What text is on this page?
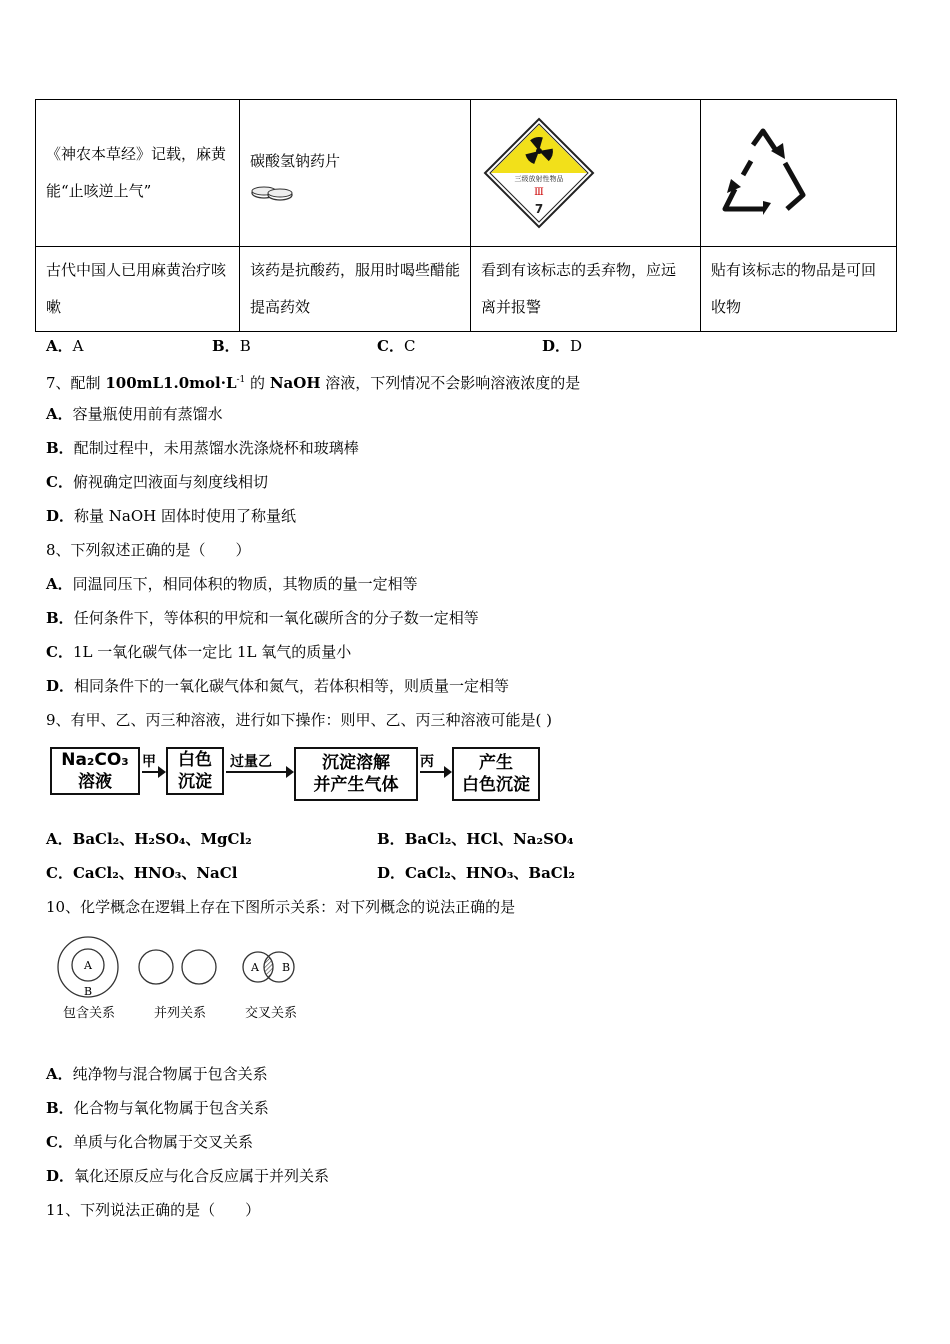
《神农本草经》记载，麻黄能“止咳逆上气”	碳酸氢钠药片	三级放射性物品
Ⅲ
7

古代中国人已用麻黄治疗咳嗽	该药是抗酸药，服用时喝些醋能提高药效	看到有该标志的丢弃物，应远离并报警	贴有该标志的物品是可回收物
A．A	B．B	C．C	D．D
7、配制 $100mL1.0mol\cdot L^{-1}$ 的 NaOH 溶液，下列情况不会影响溶液浓度的是
A．容量瓶使用前有蒸馏水
B．配制过程中，未用蒸馏水洗涤烧杯和玻璃棒
C．俯视确定凹液面与刻度线相切
D．称量 NaOH 固体时使用了称量纸
8、下列叙述正确的是（　　）
A．同温同压下，相同体积的物质，其物质的量一定相等
B．任何条件下，等体积的甲烷和一氧化碳所含的分子数一定相等
C．1L 一氧化碳气体一定比 1L 氧气的质量小
D．相同条件下的一氧化碳气体和氮气，若体积相等，则质量一定相等
9、有甲、乙、丙三种溶液，进行如下操作：则甲、乙、丙三种溶液可能是( )
Na₂CO₃
溶液
甲 白色
沉淀
过量乙	沉淀溶解
并产生气体
丙	产生
白色沉淀
A．BaCl₂、H₂SO₄、MgCl₂	B．BaCl₂、HCl、Na₂SO₄
C．CaCl₂、HNO₃、NaCl	D．CaCl₂、HNO₃、BaCl₂
10、化学概念在逻辑上存在下图所示关系：对下列概念的说法正确的是
A
B
A B
包含关系	并列关系	交叉关系
A．纯净物与混合物属于包含关系
B．化合物与氧化物属于包含关系
C．单质与化合物属于交叉关系
D．氧化还原反应与化合反应属于并列关系
11、下列说法正确的是（　　）
